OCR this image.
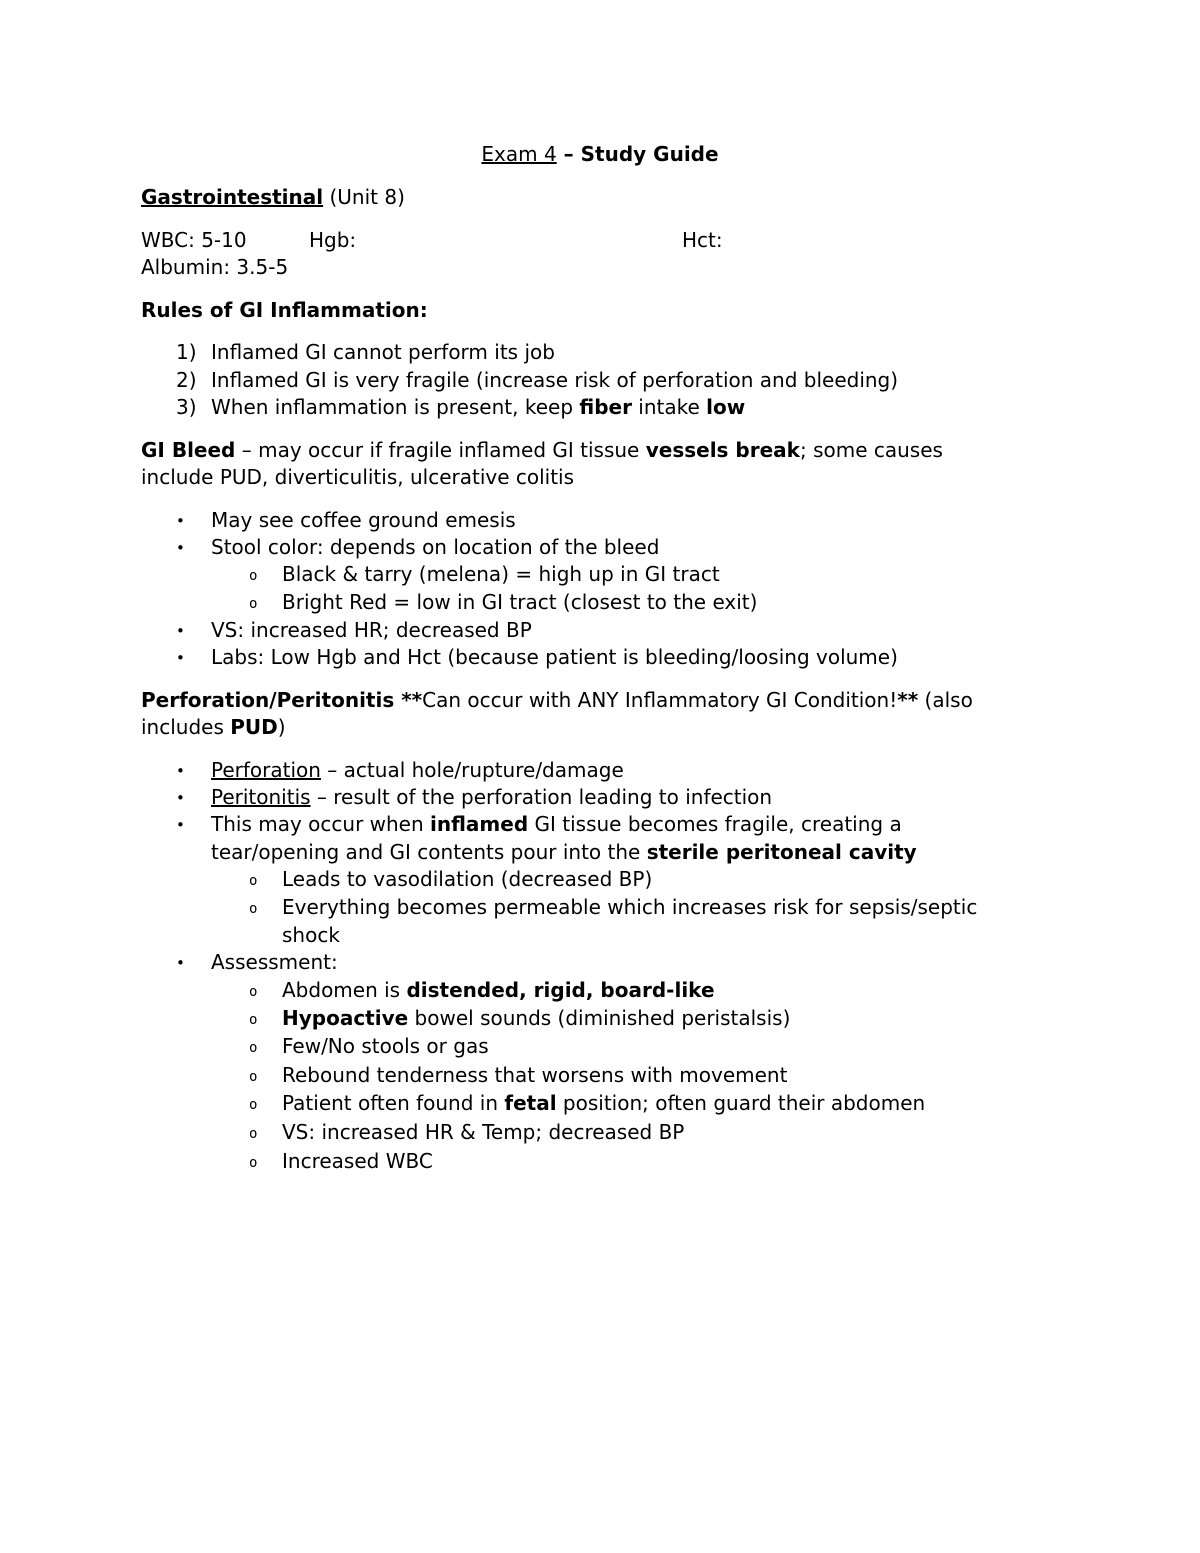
Exam 4 – Study Guide
Gastrointestinal (Unit 8)
WBC: 5-10	Hgb:	Hct:
Albumin: 3.5-5
Rules of GI Inflammation:
1) Inflamed GI cannot perform its job
2) Inflamed GI is very fragile (increase risk of perforation and bleeding)
3) When inflammation is present, keep fiber intake low
GI Bleed – may occur if fragile inflamed GI tissue vessels break; some causes
include PUD, diverticulitis, ulcerative colitis
• May see coffee ground emesis
• Stool color: depends on location of the bleed
o Black & tarry (melena) = high up in GI tract
o Bright Red = low in GI tract (closest to the exit)
• VS: increased HR; decreased BP
• Labs: Low Hgb and Hct (because patient is bleeding/loosing volume)
Perforation/Peritonitis **Can occur with ANY Inflammatory GI Condition!** (also
includes PUD)
• Perforation – actual hole/rupture/damage
• Peritonitis – result of the perforation leading to infection
• This may occur when inflamed GI tissue becomes fragile, creating a
tear/opening and GI contents pour into the sterile peritoneal cavity
o Leads to vasodilation (decreased BP)
o Everything becomes permeable which increases risk for sepsis/septic
shock
• Assessment:
o Abdomen is distended, rigid, board-like
o Hypoactive bowel sounds (diminished peristalsis)
o Few/No stools or gas
o Rebound tenderness that worsens with movement
o Patient often found in fetal position; often guard their abdomen
o VS: increased HR & Temp; decreased BP
o Increased WBC
